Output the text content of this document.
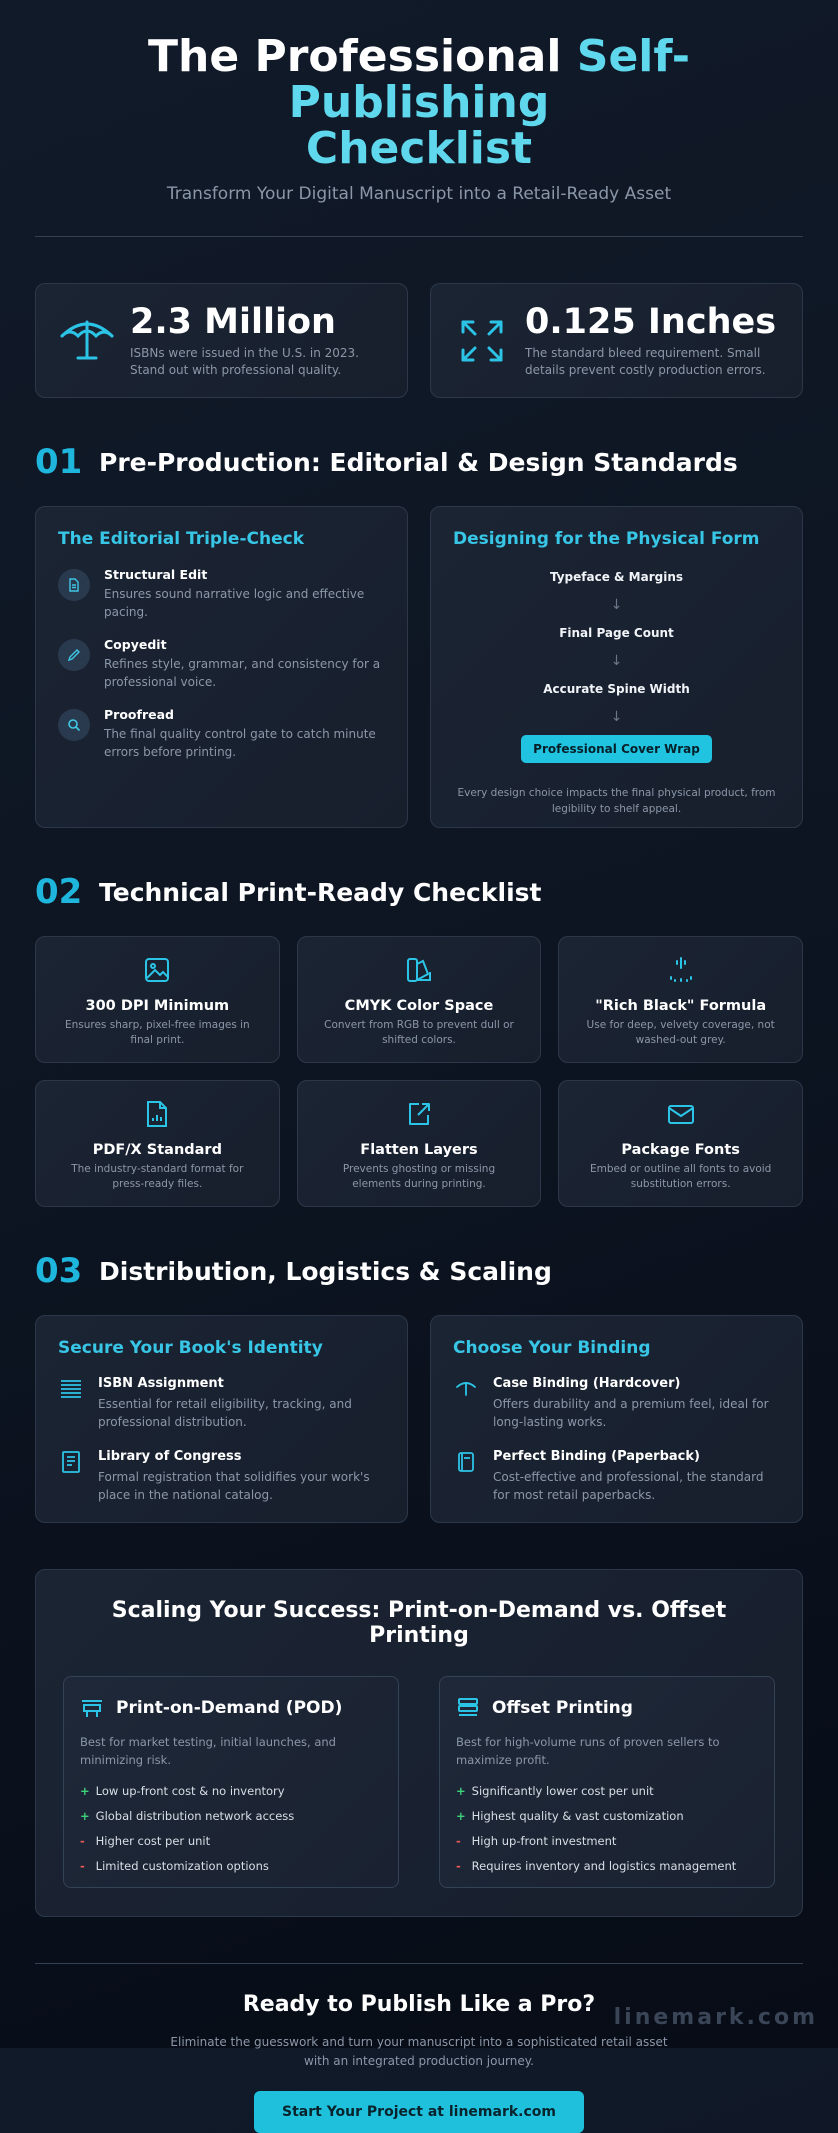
The Professional Self-Publishing
Checklist
Transform Your Digital Manuscript into a Retail-Ready Asset
2.3 Million
ISBNs were issued in the U.S. in 2023. Stand out with professional quality.
0.125 Inches
The standard bleed requirement. Small details prevent costly production errors.
01 Pre-Production: Editorial & Design Standards
The Editorial Triple-Check
Structural Edit
Ensures sound narrative logic and effective pacing.
Copyedit
Refines style, grammar, and consistency for a professional voice.
Proofread
The final quality control gate to catch minute errors before printing.
Designing for the Physical Form
Typeface & Margins
↓
Final Page Count
↓
Accurate Spine Width
↓
Professional Cover Wrap
Every design choice impacts the final physical product, from legibility to shelf appeal.
02 Technical Print-Ready Checklist
300 DPI Minimum
Ensures sharp, pixel-free images in final print.
CMYK Color Space
Convert from RGB to prevent dull or shifted colors.
"Rich Black" Formula
Use for deep, velvety coverage, not washed-out grey.
PDF/X Standard
The industry-standard format for press-ready files.
Flatten Layers
Prevents ghosting or missing elements during printing.
Package Fonts
Embed or outline all fonts to avoid substitution errors.
03 Distribution, Logistics & Scaling
Secure Your Book's Identity
ISBN Assignment
Essential for retail eligibility, tracking, and professional distribution.
Library of Congress
Formal registration that solidifies your work's place in the national catalog.
Choose Your Binding
Case Binding (Hardcover)
Offers durability and a premium feel, ideal for long-lasting works.
Perfect Binding (Paperback)
Cost-effective and professional, the standard for most retail paperbacks.
Scaling Your Success: Print-on-Demand vs. Offset Printing
Print-on-Demand (POD)
Best for market testing, initial launches, and minimizing risk.
+ Low up-front cost & no inventory
+ Global distribution network access
- Higher cost per unit
- Limited customization options
Offset Printing
Best for high-volume runs of proven sellers to maximize profit.
+ Significantly lower cost per unit
+ Highest quality & vast customization
- High up-front investment
- Requires inventory and logistics management
Ready to Publish Like a Pro?
Eliminate the guesswork and turn your manuscript into a sophisticated retail asset
with an integrated production journey.
Start Your Project at linemark.com
linemark.com
